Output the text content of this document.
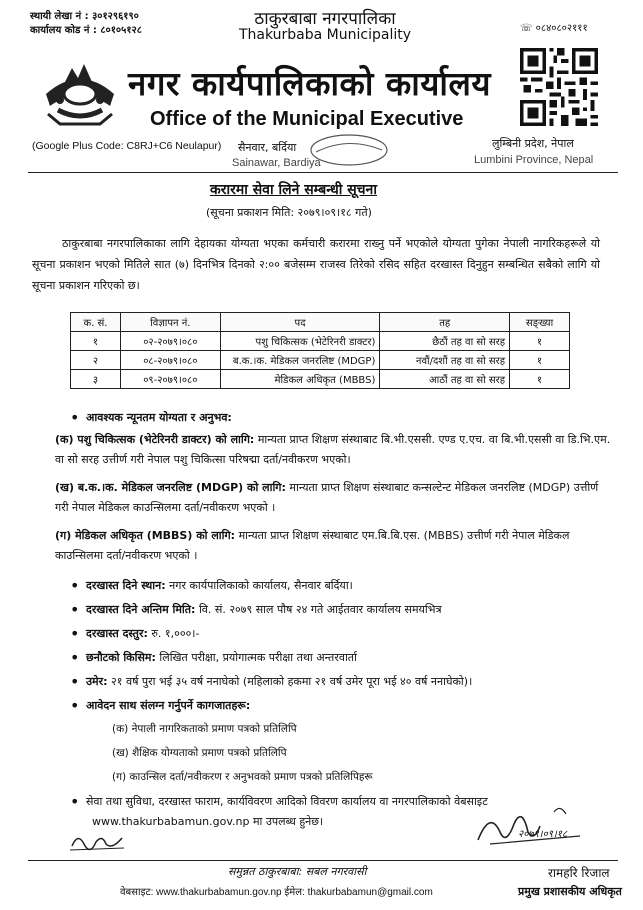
स्थायी लेखा नं : ३०१२९६१९०
कार्यालय कोड नं : ८०१०५१२८
ठाकुरबाबा नगरपालिका
Thakurbaba Municipality	☏ ०८४०८०२१११
नगर कार्यपालिकाको कार्यालय
Office of the Municipal Executive
(Google Plus Code: C8RJ+C6 Neulapur) सैनवार, बर्दिया
Sainawar, Bardiya
लुम्बिनी प्रदेश, नेपाल
Lumbini Province, Nepal
करारमा सेवा लिने सम्बन्धी सूचना
(सूचना प्रकाशन मिति: २०७९।०९।१८ गते)
ठाकुरबाबा नगरपालिकाका लागि देहायका योग्यता भएका कर्मचारी करारमा राख्नु पर्ने भएकोले योग्यता पुगेका नेपाली नागरिकहरूले यो सूचना प्रकाशन भएको मितिले सात (७) दिनभित्र दिनको २:०० बजेसम्म राजस्व तिरेको रसिद सहित दरखास्त दिनुहुन सम्बन्धित सबैको लागि यो सूचना प्रकाशन गरिएको छ।
क. सं.	विज्ञापन नं.	पद	तह	सङ्ख्या
१	०२-२०७९।०८०	पशु चिकित्सक (भेटेरिनरी डाक्टर)	छैठौं तह वा सो सरह	१
२	०८-२०७९।०८०	ब.क.।क. मेडिकल जनरलिष्ट (MDGP)	नवौं/दशौं तह वा सो सरह	१
३	०९-२०७९।०८०	मेडिकल अधिकृत (MBBS)	आठौं तह वा सो सरह	१
• आवश्यक न्यूनतम योग्यता र अनुभव:
(क) पशु चिकित्सक (भेटेरिनरी डाक्टर) को लागि: मान्यता प्राप्त शिक्षण संस्थाबाट बि.भी.एससी. एण्ड ए.एच. वा बि.भी.एससी वा डि.भि.एम. वा सो सरह उत्तीर्ण गरी नेपाल पशु चिकित्सा परिषद्मा दर्ता/नवीकरण भएको।
(ख) ब.क.।क. मेडिकल जनरलिष्ट (MDGP) को लागि: मान्यता प्राप्त शिक्षण संस्थाबाट कन्सल्टेन्ट मेडिकल जनरलिष्ट (MDGP) उत्तीर्ण गरी नेपाल मेडिकल काउन्सिलमा दर्ता/नवीकरण भएको ।
(ग) मेडिकल अधिकृत (MBBS) को लागि: मान्यता प्राप्त शिक्षण संस्थाबाट एम.बि.बि.एस. (MBBS) उत्तीर्ण गरी नेपाल मेडिकल काउन्सिलमा दर्ता/नवीकरण भएको ।
• दरखास्त दिने स्थान: नगर कार्यपालिकाको कार्यालय, सैनवार बर्दिया।
• दरखास्त दिने अन्तिम मिति: वि. सं. २०७९ साल पौष २४ गते आईतवार कार्यालय समयभित्र
• दरखास्त दस्तुर: रु. १,०००।-
• छनौटको किसिम: लिखित परीक्षा, प्रयोगात्मक परीक्षा तथा अन्तरवार्ता
• उमेर: २१ वर्ष पुरा भई ३५ वर्ष ननाघेको (महिलाको हकमा २१ वर्ष उमेर पूरा भई ४० वर्ष ननाघेको)।
• आवेदन साथ संलग्न गर्नुपर्ने कागजातहरू:
(क) नेपाली नागरिकताको प्रमाण पत्रको प्रतिलिपि
(ख) शैक्षिक योग्यताको प्रमाण पत्रको प्रतिलिपि
(ग) काउन्सिल दर्ता/नवीकरण र अनुभवको प्रमाण पत्रको प्रतिलिपिहरू
• सेवा तथा सुविधा, दरखास्त फाराम, कार्यविवरण आदिको विवरण कार्यालय वा नगरपालिकाको वेबसाइट
www.thakurbabamun.gov.np मा उपलब्ध हुनेछ।
२०७९।०९।१८
समुन्नत ठाकुरबाबा: सबल नगरवासी	रामहरि रिजाल
वेबसाइट: www.thakurbabamun.gov.np ईमेल: thakurbabamun@gmail.com	प्रमुख प्रशासकीय अधिकृत
